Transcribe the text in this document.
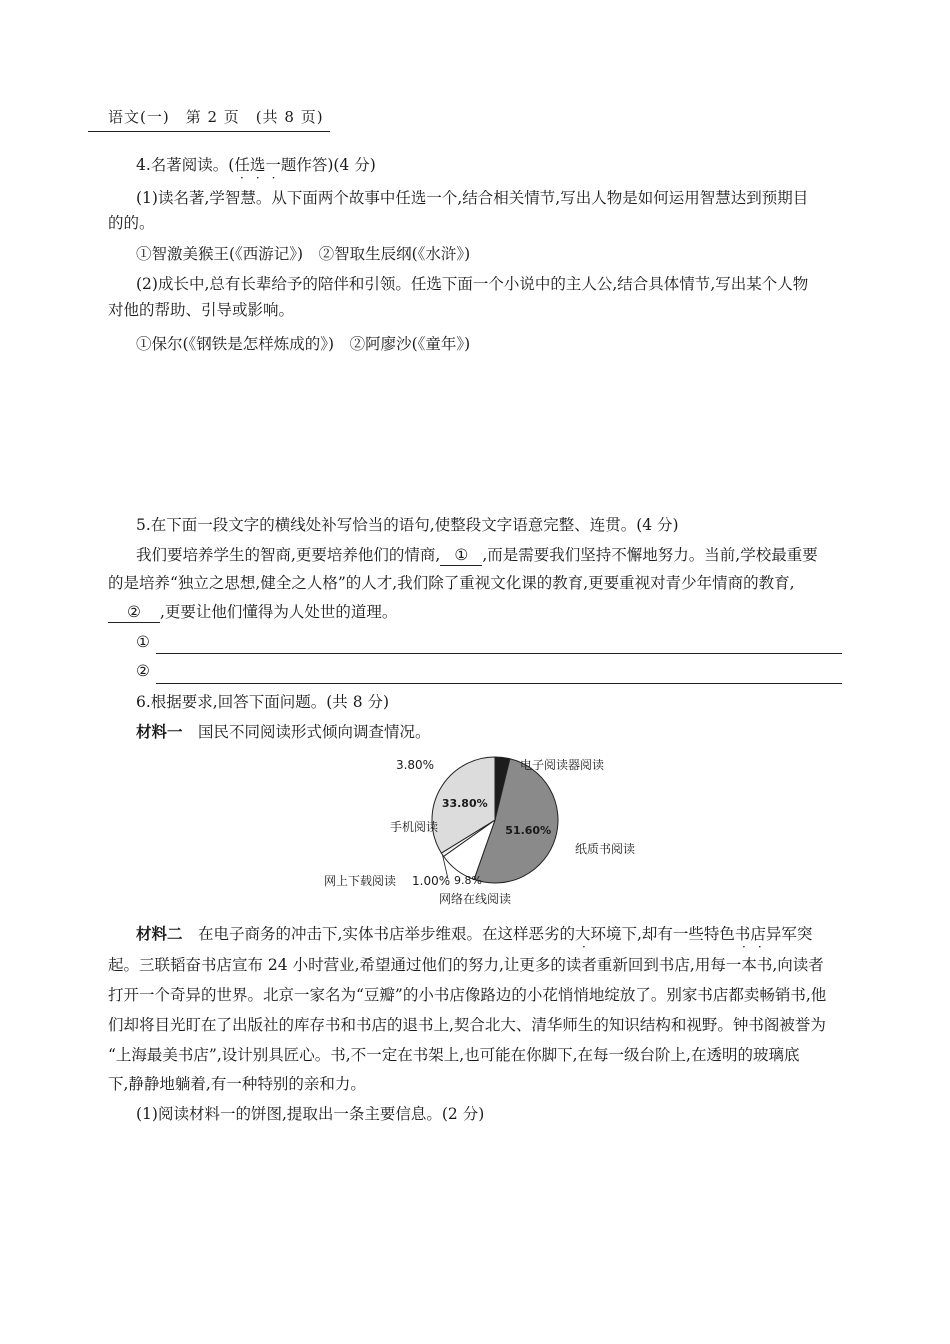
语文(一)　第 2 页　(共 8 页)
4.名著阅读。(任选一题作答)(4 分)
·　·　·
(1)读名著,学智慧。从下面两个故事中任选一个,结合相关情节,写出人物是如何运用智慧达到预期目
的的。
①智激美猴王(《西游记》)　②智取生辰纲(《水浒》)
(2)成长中,总有长辈给予的陪伴和引领。任选下面一个小说中的主人公,结合具体情节,写出某个人物
对他的帮助、引导或影响。
①保尔(《钢铁是怎样炼成的》)　②阿廖沙(《童年》)
5.在下面一段文字的横线处补写恰当的语句,使整段文字语意完整、连贯。(4 分)
我们要培养学生的智商,更要培养他们的情商, ① ,而是需要我们坚持不懈地努力。当前,学校最重要
的是培养“独立之思想,健全之人格”的人才,我们除了重视文化课的教育,更要重视对青少年情商的教育,
② ,更要让他们懂得为人处世的道理。
①
②
6.根据要求,回答下面问题。(共 8 分)
材料一　国民不同阅读形式倾向调查情况。
51.60%
33.80%
3.80%	电子阅读器阅读
纸质书阅读
手机阅读
9.8%
网络在线阅读
网上下载阅读 1.00%
材料二　在电子商务的冲击下,实体书店举步维艰。在这样恶劣的大环境下,却有一些特色书店异军突
·	·　·
起。三联韬奋书店宣布 24 小时营业,希望通过他们的努力,让更多的读者重新回到书店,用每一本书,向读者
打开一个奇异的世界。北京一家名为“豆瓣”的小书店像路边的小花悄悄地绽放了。别家书店都卖畅销书,他
们却将目光盯在了出版社的库存书和书店的退书上,契合北大、清华师生的知识结构和视野。钟书阁被誉为
“上海最美书店”,设计别具匠心。书,不一定在书架上,也可能在你脚下,在每一级台阶上,在透明的玻璃底
下,静静地躺着,有一种特别的亲和力。
(1)阅读材料一的饼图,提取出一条主要信息。(2 分)
